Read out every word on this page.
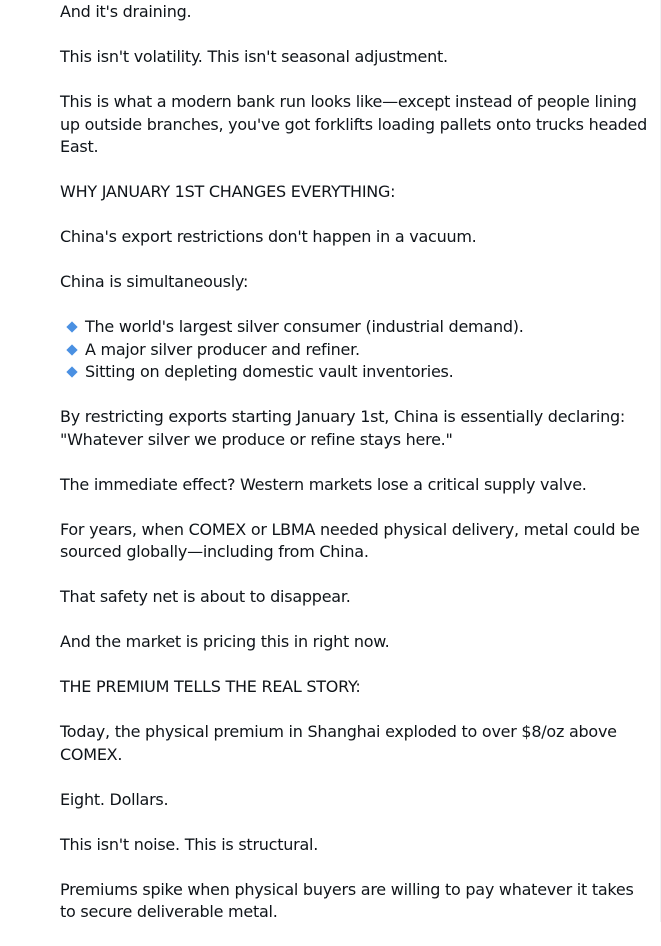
And it's draining.

This isn't volatility. This isn't seasonal adjustment.

This is what a modern bank run looks like—except instead of people lining up outside branches, you've got forklifts loading pallets onto trucks headed East.

WHY JANUARY 1ST CHANGES EVERYTHING:

China's export restrictions don't happen in a vacuum.

China is simultaneously:

The world's largest silver consumer (industrial demand).
A major silver producer and refiner.
Sitting on depleting domestic vault inventories.

By restricting exports starting January 1st, China is essentially declaring: "Whatever silver we produce or refine stays here."

The immediate effect? Western markets lose a critical supply valve.

For years, when COMEX or LBMA needed physical delivery, metal could be sourced globally—including from China.

That safety net is about to disappear.

And the market is pricing this in right now.

THE PREMIUM TELLS THE REAL STORY:

Today, the physical premium in Shanghai exploded to over $8/oz above COMEX.

Eight. Dollars.

This isn't noise. This is structural.

Premiums spike when physical buyers are willing to pay whatever it takes to secure deliverable metal.
